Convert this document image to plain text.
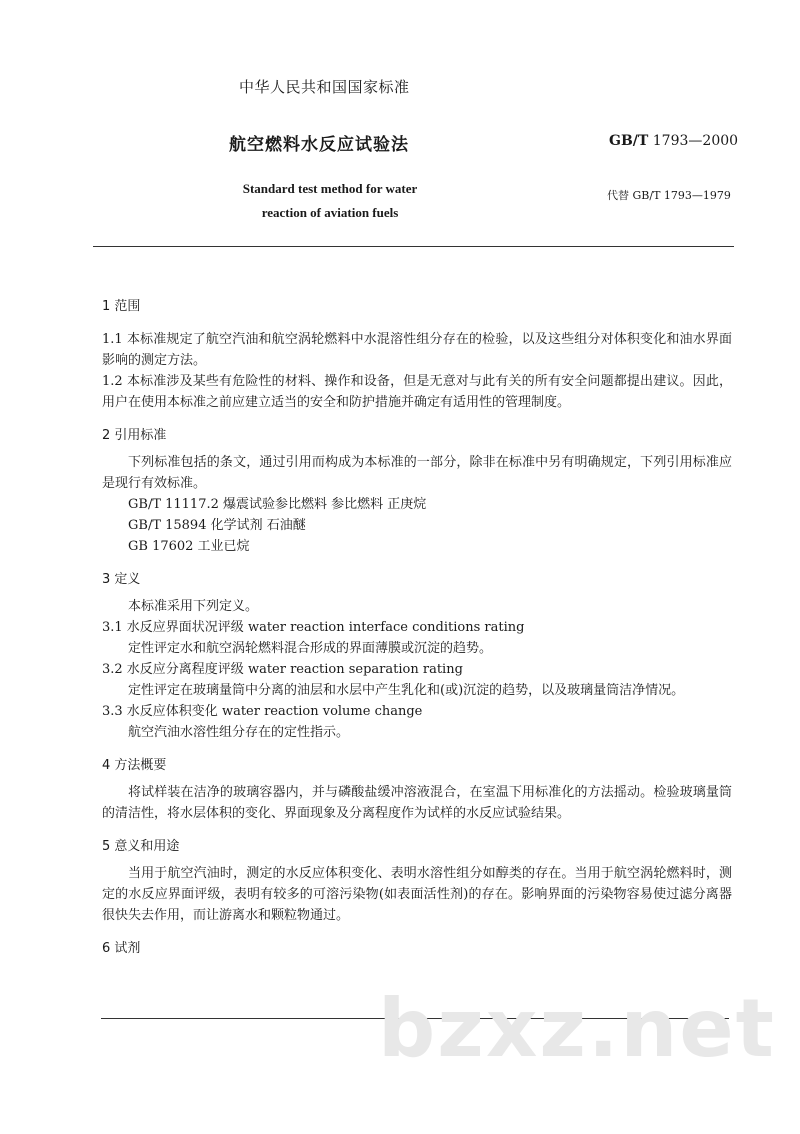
中华人民共和国国家标准
航空燃料水反应试验法	GB/T 1793—2000
Standard test method for water
reaction of aviation fuels
代替 GB/T 1793—1979

1 范围

1.1 本标准规定了航空汽油和航空涡轮燃料中水混溶性组分存在的检验，以及这些组分对体积变化和油水界面影响的测定方法。

1.2 本标准涉及某些有危险性的材料、操作和设备，但是无意对与此有关的所有安全问题都提出建议。因此，用户在使用本标准之前应建立适当的安全和防护措施并确定有适用性的管理制度。

2 引用标准

下列标准包括的条文，通过引用而构成为本标准的一部分，除非在标准中另有明确规定，下列引用标准应是现行有效标准。

GB/T 11117.2 爆震试验参比燃料 参比燃料 正庚烷

GB/T 15894 化学试剂 石油醚

GB 17602 工业已烷

3 定义

本标准采用下列定义。

3.1 水反应界面状况评级 water reaction interface conditions rating

定性评定水和航空涡轮燃料混合形成的界面薄膜或沉淀的趋势。

3.2 水反应分离程度评级 water reaction separation rating

定性评定在玻璃量筒中分离的油层和水层中产生乳化和(或)沉淀的趋势，以及玻璃量筒洁净情况。

3.3 水反应体积变化 water reaction volume change

航空汽油水溶性组分存在的定性指示。

4 方法概要

将试样装在洁净的玻璃容器内，并与磷酸盐缓冲溶液混合，在室温下用标准化的方法摇动。检验玻璃量筒的清洁性，将水层体积的变化、界面现象及分离程度作为试样的水反应试验结果。

5 意义和用途

当用于航空汽油时，测定的水反应体积变化、表明水溶性组分如醇类的存在。当用于航空涡轮燃料时，测定的水反应界面评级，表明有较多的可溶污染物(如表面活性剂)的存在。影响界面的污染物容易使过滤分离器很快失去作用，而让游离水和颗粒物通过。

6 试剂

bzxz.net
